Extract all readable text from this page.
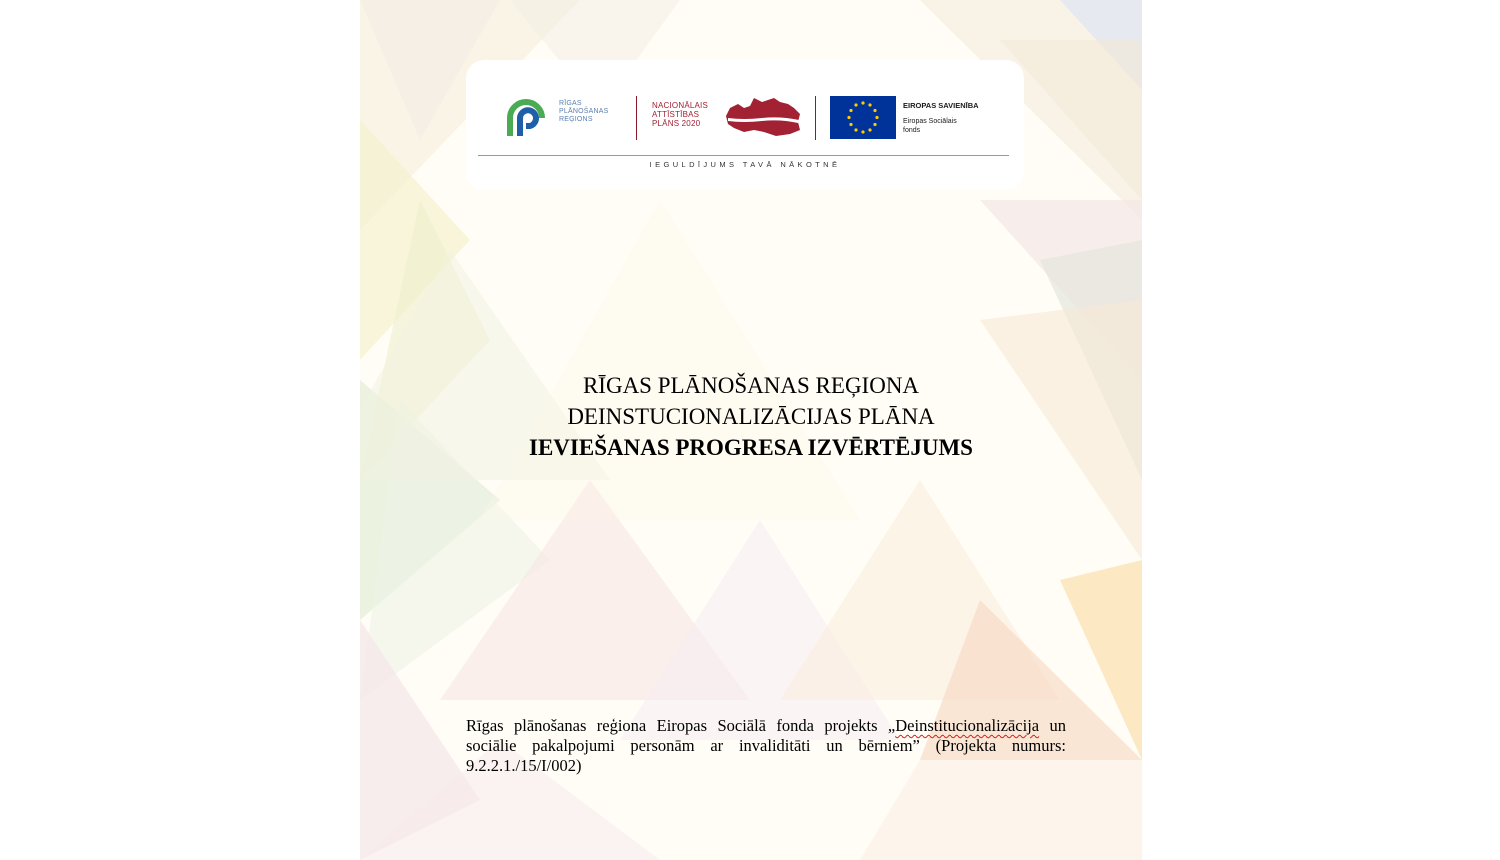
RĪGAS
PLĀNOŠANAS
REĢIONS
NACIONĀLAIS
ATTĪSTĪBAS
PLĀNS 2020
EIROPAS SAVIENĪBA
Eiropas Sociālais
fonds
IEGULDĪJUMS TAVĀ NĀKOTNĒ
RĪGAS PLĀNOŠANAS REĢIONA
DEINSTUCIONALIZĀCIJAS PLĀNA
IEVIEŠANAS PROGRESA IZVĒRTĒJUMS
Rīgas plānošanas reģiona Eiropas Sociālā fonda projekts „Deinstitucionalizācija un sociālie pakalpojumi personām ar invaliditāti un bērniem” (Projekta numurs: 9.2.2.1./15/I/002)
